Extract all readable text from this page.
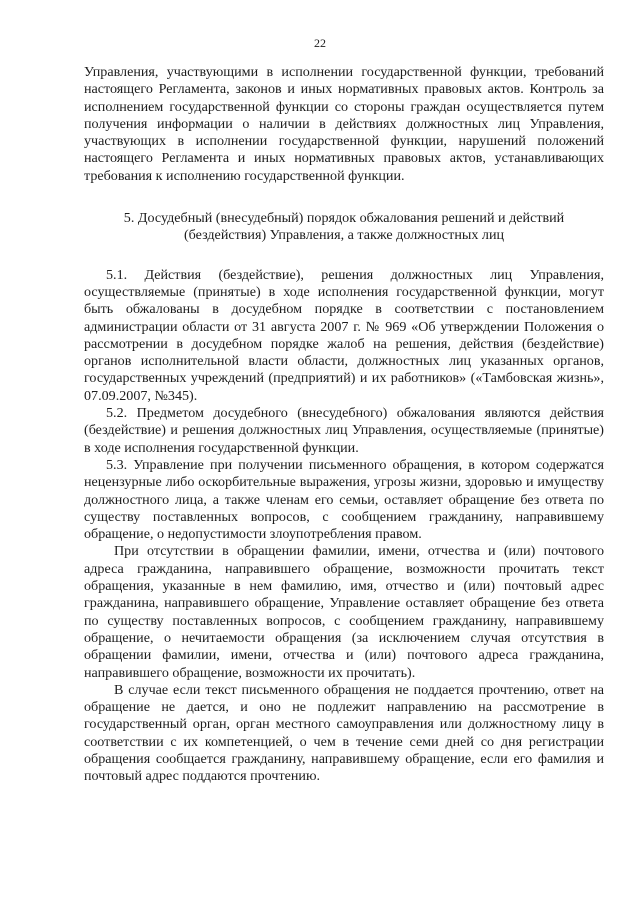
22

Управления, участвующими в исполнении государственной функции, требований настоящего Регламента, законов и иных нормативных правовых актов. Контроль за исполнением государственной функции со стороны граждан осуществляется путем получения информации о наличии в действиях должностных лиц Управления, участвующих в исполнении государственной функции, нарушений положений настоящего Регламента и иных нормативных правовых актов, устанавливающих требования к исполнению государственной функции.

5. Досудебный (внесудебный) порядок обжалования решений и действий (бездействия) Управления, а также должностных лиц

5.1. Действия (бездействие), решения должностных лиц Управления, осуществляемые (принятые) в ходе исполнения государственной функции, могут быть обжалованы в досудебном порядке в соответствии с постановлением администрации области от 31 августа 2007 г. № 969 «Об утверждении Положения о рассмотрении в досудебном порядке жалоб на решения, действия (бездействие) органов исполнительной власти области, должностных лиц указанных органов, государственных учреждений (предприятий) и их работников» («Тамбовская жизнь», 07.09.2007, №345).

5.2. Предметом досудебного (внесудебного) обжалования являются действия (бездействие) и решения должностных лиц Управления, осуществляемые (принятые) в ходе исполнения государственной функции.

5.3. Управление при получении письменного обращения, в котором содержатся нецензурные либо оскорбительные выражения, угрозы жизни, здоровью и имуществу должностного лица, а также членам его семьи, оставляет обращение без ответа по существу поставленных вопросов, с сообщением гражданину, направившему обращение, о недопустимости злоупотребления правом.

При отсутствии в обращении фамилии, имени, отчества и (или) почтового адреса гражданина, направившего обращение, возможности прочитать текст обращения, указанные в нем фамилию, имя, отчество и (или) почтовый адрес гражданина, направившего обращение, Управление оставляет обращение без ответа по существу поставленных вопросов, с сообщением гражданину, направившему обращение, о нечитаемости обращения (за исключением случая отсутствия в обращении фамилии, имени, отчества и (или) почтового адреса гражданина, направившего обращение, возможности их прочитать).

В случае если текст письменного обращения не поддается прочтению, ответ на обращение не дается, и оно не подлежит направлению на рассмотрение в государственный орган, орган местного самоуправления или должностному лицу в соответствии с их компетенцией, о чем в течение семи дней со дня регистрации обращения сообщается гражданину, направившему обращение, если его фамилия и почтовый адрес поддаются прочтению.
